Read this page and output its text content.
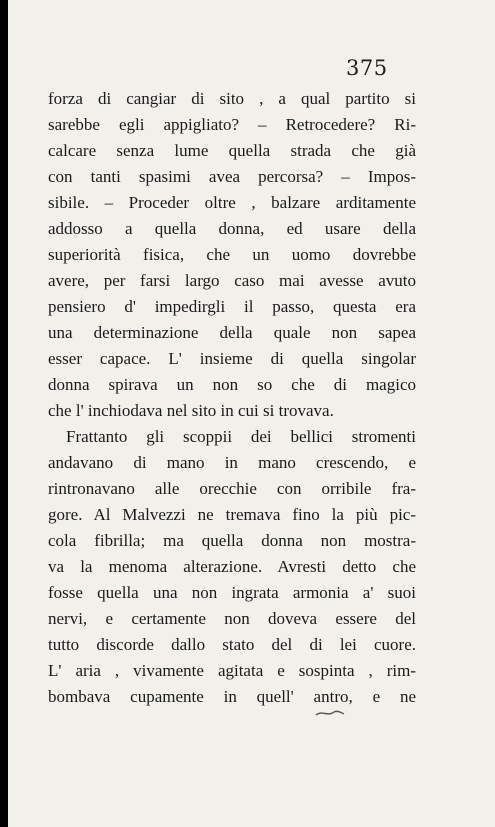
375
forza di cangiar di sito , a qual partito si
sarebbe egli appigliato? – Retrocedere? Ri-
calcare senza lume quella strada che già
con tanti spasimi avea percorsa? – Impos-
sibile. – Proceder oltre , balzare arditamente
addosso a quella donna, ed usare della
superiorità fisica, che un uomo dovrebbe
avere, per farsi largo caso mai avesse avuto
pensiero d' impedirgli il passo, questa era
una determinazione della quale non sapea
esser capace. L' insieme di quella singolar
donna spirava un non so che di magico
che l' inchiodava nel sito in cui si trovava.
Frattanto gli scoppii dei bellici stromenti
andavano di mano in mano crescendo, e
rintronavano alle orecchie con orribile fra-
gore. Al Malvezzi ne tremava fino la più pic-
cola fibrilla; ma quella donna non mostra-
va la menoma alterazione. Avresti detto che
fosse quella una non ingrata armonia a' suoi
nervi, e certamente non doveva essere del
tutto discorde dallo stato del di lei cuore.
L' aria , vivamente agitata e sospinta , rim-
bombava cupamente in quell' antro, e ne
